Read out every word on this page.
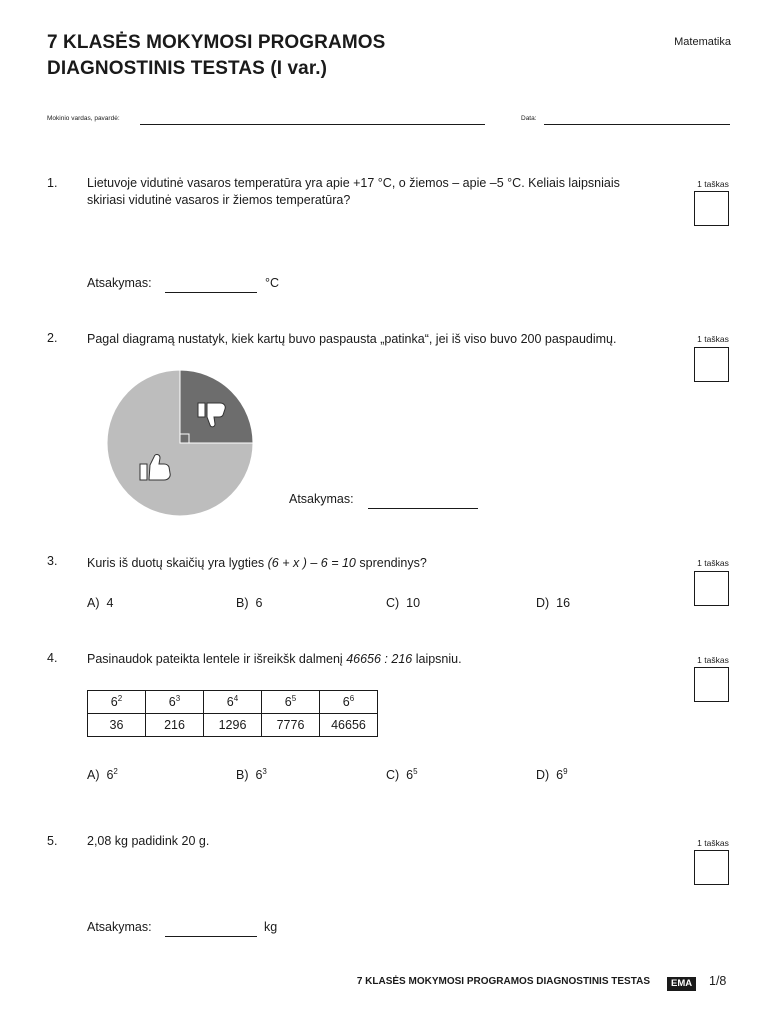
7 KLASĖS MOKYMOSI PROGRAMOS
DIAGNOSTINIS TESTAS (I var.)
Matematika
Mokinio vardas, pavardė:	Data:
1. Lietuvoje vidutinė vasaros temperatūra yra apie +17 °C, o žiemos – apie –5 °C. Keliais laipsniais
skiriasi vidutinė vasaros ir žiemos temperatūra?
1 taškas
Atsakymas:	°C
2. Pagal diagramą nustatyk, kiek kartų buvo paspausta „patinka“, jei iš viso buvo 200 paspaudimų.	1 taškas
Atsakymas:
3. Kuris iš duotų skaičių yra lygties (6 + x ) – 6 = 10 sprendinys?	1 taškas
A) 4	B) 6	C) 10	D) 16
4. Pasinaudok pateikta lentele ir išreikšk dalmenį 46656 : 216 laipsniu.	1 taškas
$6^2$	$6^3$	$6^4$	$6^5$	$6^6$
36	216	1296	7776	46656
A) $6^2$	B) $6^3$	C) $6^5$	D) $6^9$
5. 2,08 kg padidink 20 g.	1 taškas
Atsakymas:	kg
7 KLASĖS MOKYMOSI PROGRAMOS DIAGNOSTINIS TESTAS	EMA	1/8
